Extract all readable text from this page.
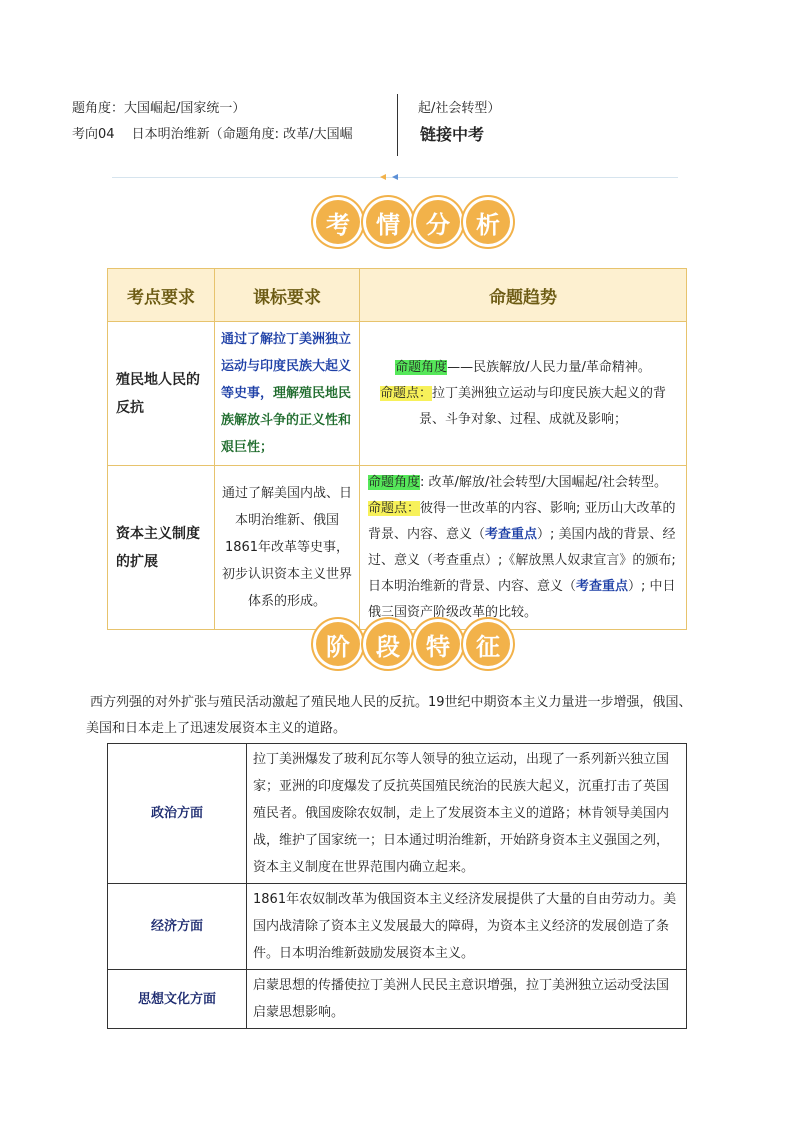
题角度：大国崛起/国家统一）
考向04　 日本明治维新（命题角度: 改革/大国崛
起/社会转型）
链接中考
考	情	分	析
考点要求	课标要求	命题趋势
殖民地人民的反抗	通过了解拉丁美洲独立运动与印度民族大起义等史事，理解殖民地民族解放斗争的正义性和艰巨性；	命题角度——民族解放/人民力量/革命精神。
命题点：拉丁美洲独立运动与印度民族大起义的背景、斗争对象、过程、成就及影响；

资本主义制度的扩展	通过了解美国内战、日本明治维新、俄国1861年改革等史事，初步认识资本主义世界体系的形成。	命题角度: 改革/解放/社会转型/大国崛起/社会转型。
命题点：彼得一世改革的内容、影响; 亚历山大改革的背景、内容、意义（考查重点）; 美国内战的背景、经过、意义（考查重点）;《解放黑人奴隶宣言》的颁布; 日本明治维新的背景、内容、意义（考查重点）; 中日俄三国资产阶级改革的比较。
阶	段	特	征
西方列强的对外扩张与殖民活动激起了殖民地人民的反抗。19世纪中期资本主义力量进一步增强，俄国、美国和日本走上了迅速发展资本主义的道路。
政治方面	拉丁美洲爆发了玻利瓦尔等人领导的独立运动，出现了一系列新兴独立国家；亚洲的印度爆发了反抗英国殖民统治的民族大起义，沉重打击了英国殖民者。俄国废除农奴制，走上了发展资本主义的道路；林肯领导美国内战，维护了国家统一；日本通过明治维新，开始跻身资本主义强国之列，资本主义制度在世界范围内确立起来。
经济方面	1861年农奴制改革为俄国资本主义经济发展提供了大量的自由劳动力。美国内战清除了资本主义发展最大的障碍，为资本主义经济的发展创造了条件。日本明治维新鼓励发展资本主义。
思想文化方面	启蒙思想的传播使拉丁美洲人民民主意识增强，拉丁美洲独立运动受法国启蒙思想影响。
